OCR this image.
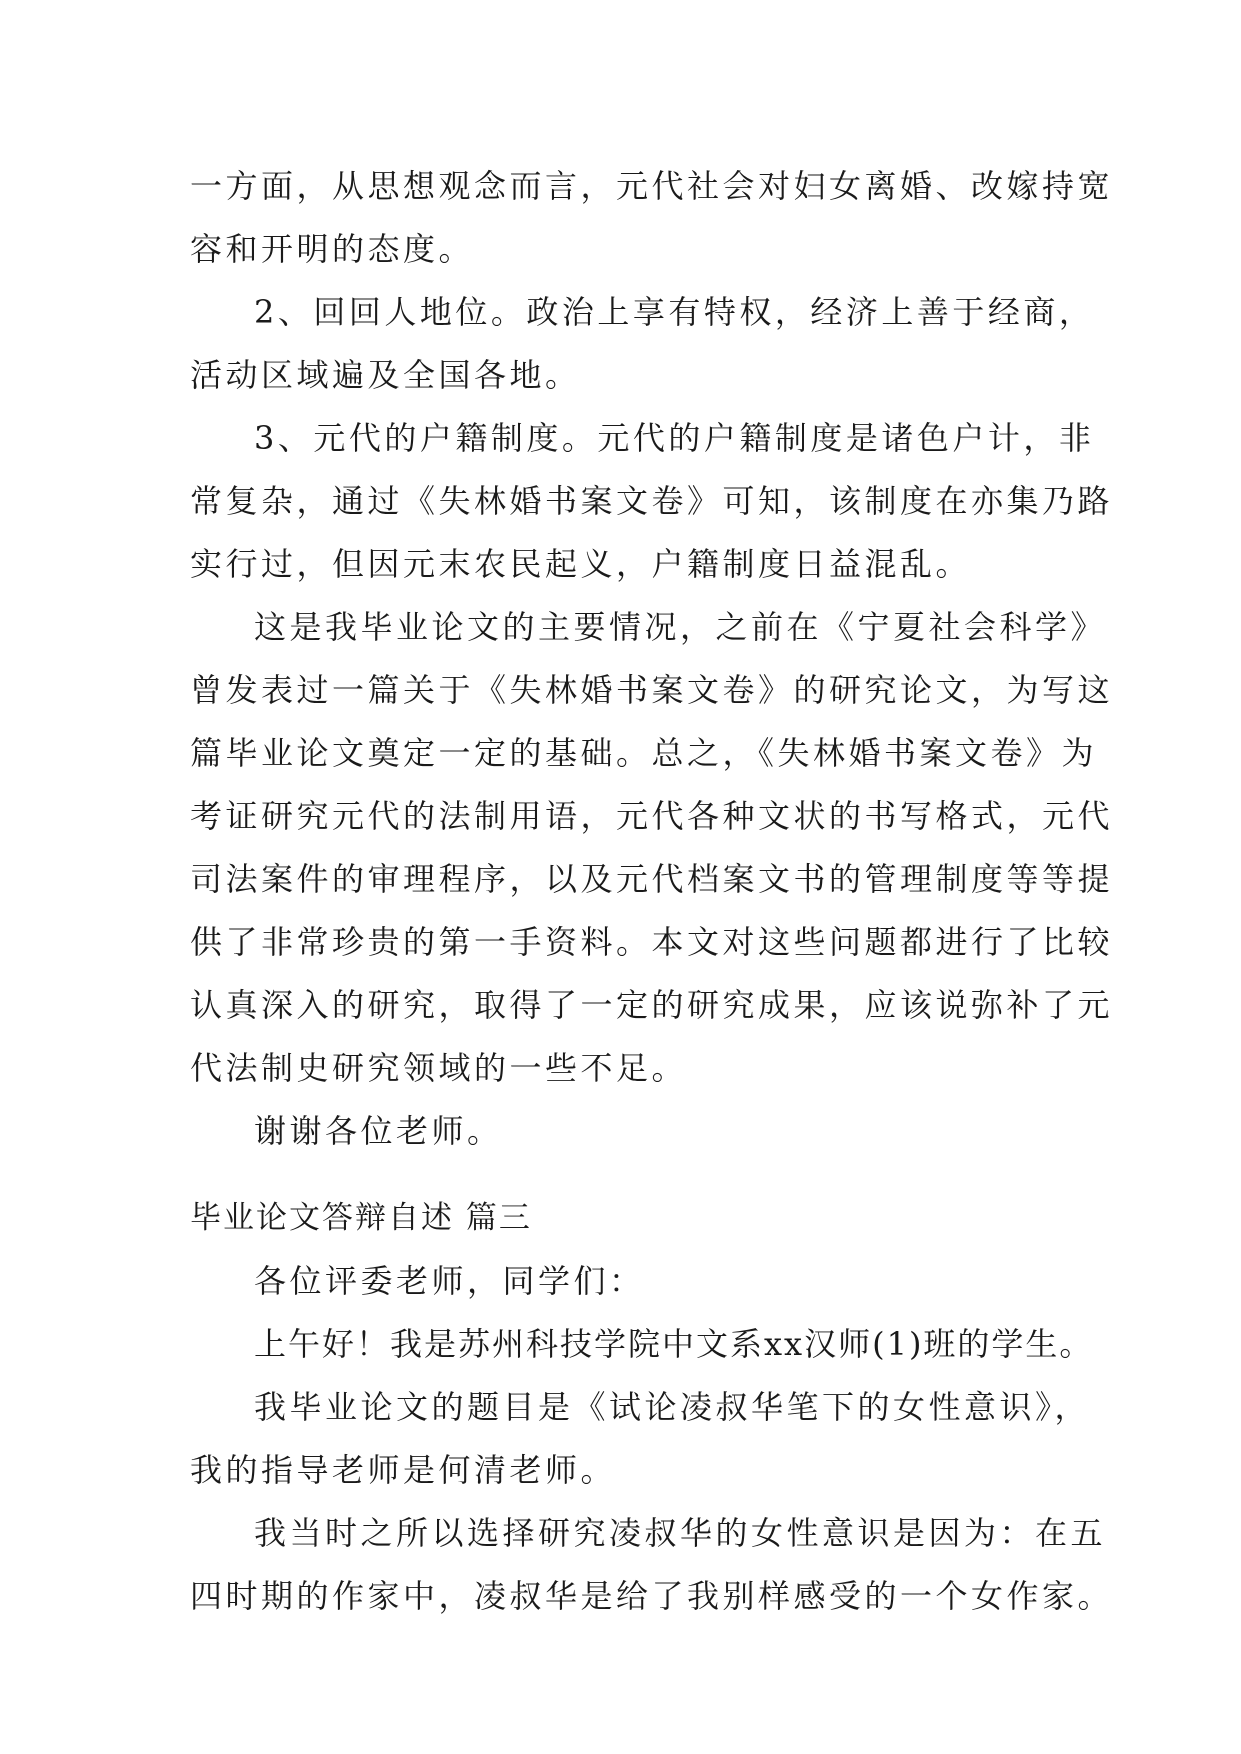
一方面，从思想观念而言，元代社会对妇女离婚、改嫁持宽
容和开明的态度。
2、回回人地位。政治上享有特权，经济上善于经商，
活动区域遍及全国各地。
3、元代的户籍制度。元代的户籍制度是诸色户计，非
常复杂，通过《失林婚书案文卷》可知，该制度在亦集乃路
实行过，但因元末农民起义，户籍制度日益混乱。
这是我毕业论文的主要情况，之前在《宁夏社会科学》
曾发表过一篇关于《失林婚书案文卷》的研究论文，为写这
篇毕业论文奠定一定的基础。总之，《失林婚书案文卷》为
考证研究元代的法制用语，元代各种文状的书写格式，元代
司法案件的审理程序，以及元代档案文书的管理制度等等提
供了非常珍贵的第一手资料。本文对这些问题都进行了比较
认真深入的研究，取得了一定的研究成果，应该说弥补了元
代法制史研究领域的一些不足。
谢谢各位老师。
毕业论文答辩自述 篇三
各位评委老师，同学们：
上午好！我是苏州科技学院中文系xx汉师(1)班的学生。
我毕业论文的题目是《试论凌叔华笔下的女性意识》，
我的指导老师是何清老师。
我当时之所以选择研究凌叔华的女性意识是因为：在五
四时期的作家中，凌叔华是给了我别样感受的一个女作家。
